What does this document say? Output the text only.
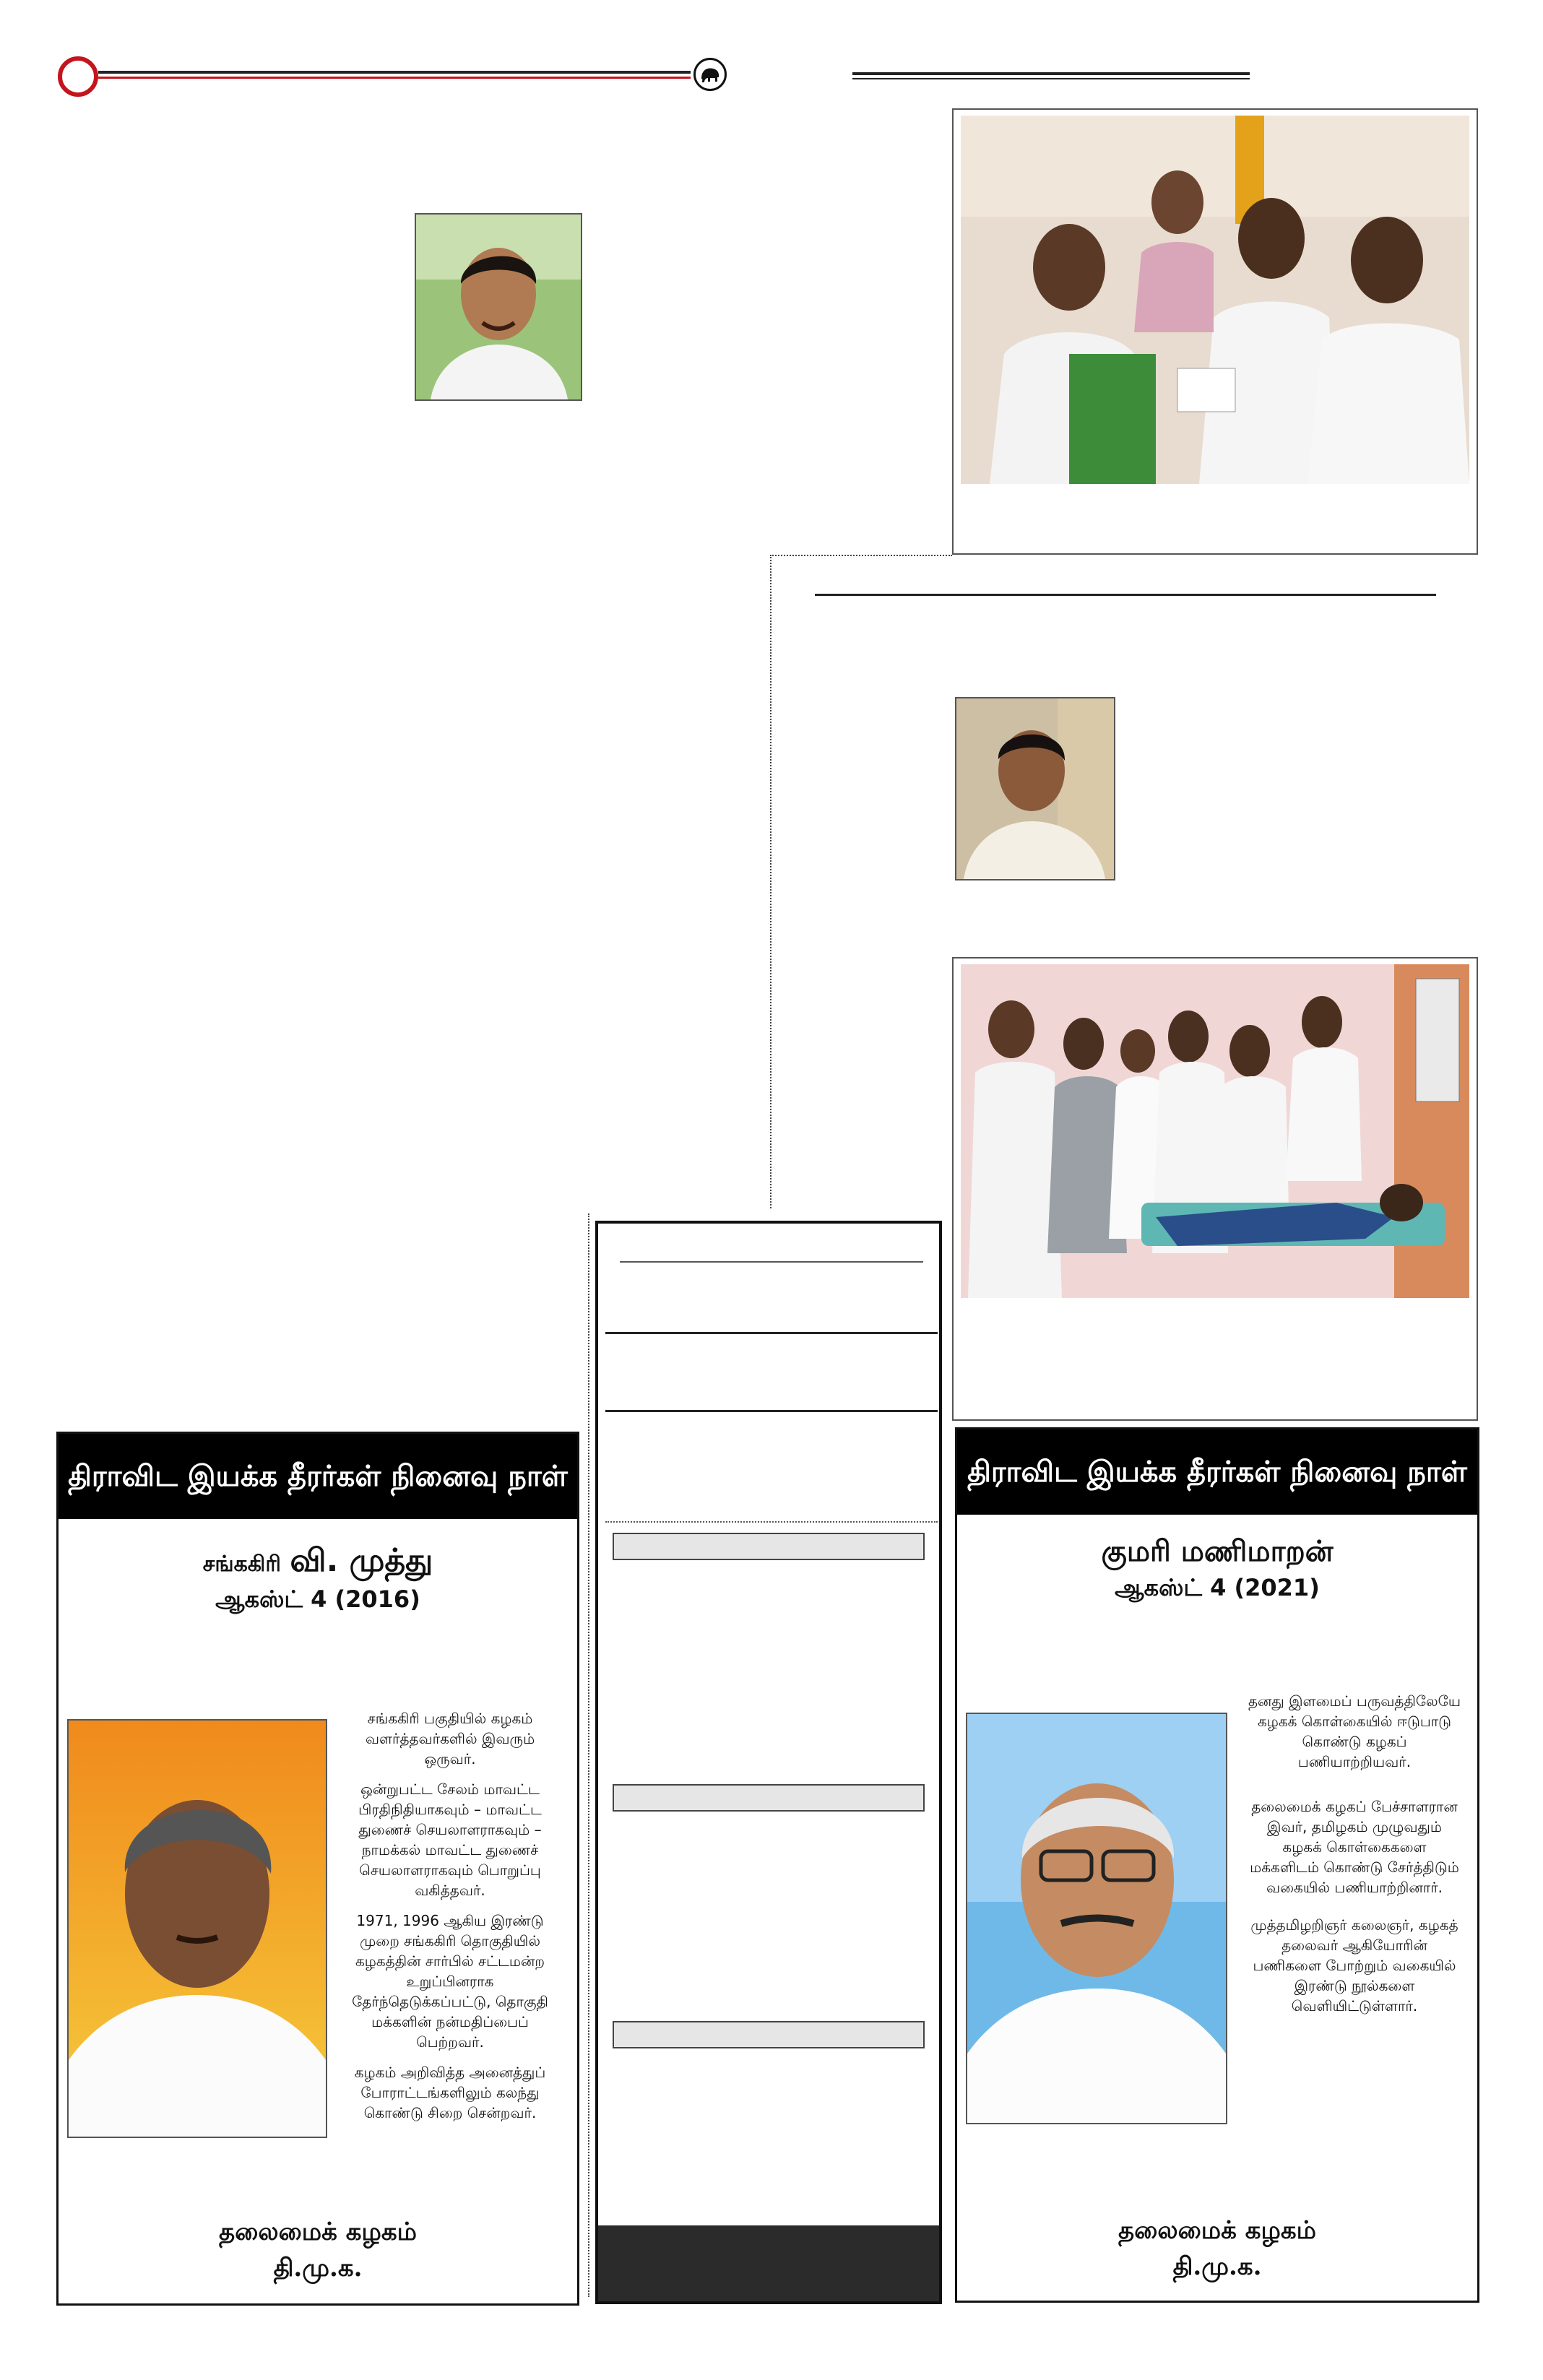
திராவிட இயக்க தீரர்கள் நினைவு நாள்
சங்ககிரி வி. முத்து
ஆகஸ்ட் 4 (2016)

சங்ககிரி பகுதியில் கழகம் வளர்த்தவர்களில் இவரும் ஒருவர்.

ஒன்றுபட்ட சேலம் மாவட்ட பிரதிநிதியாகவும் – மாவட்ட துணைச் செயலாளராகவும் – நாமக்கல் மாவட்ட துணைச் செயலாளராகவும் பொறுப்பு வகித்தவர்.

1971, 1996 ஆகிய இரண்டு முறை சங்ககிரி தொகுதியில் கழகத்தின் சார்பில் சட்டமன்ற உறுப்பினராக தேர்ந்தெடுக்கப்பட்டு, தொகுதி மக்களின் நன்மதிப்பைப் பெற்றவர்.

கழகம் அறிவித்த அனைத்துப் போராட்டங்களிலும் கலந்து கொண்டு சிறை சென்றவர்.

தலைமைக் கழகம்
தி.மு.க.
திராவிட இயக்க தீரர்கள் நினைவு நாள்
குமரி மணிமாறன்
ஆகஸ்ட் 4 (2021)

தனது இளமைப் பருவத்திலேயே கழகக் கொள்கையில் ஈடுபாடு கொண்டு கழகப் பணியாற்றியவர்.

தலைமைக் கழகப் பேச்சாளரான இவர், தமிழகம் முழுவதும் கழகக் கொள்கைகளை மக்களிடம் கொண்டு சேர்த்திடும் வகையில் பணியாற்றினார்.

முத்தமிழறிஞர் கலைஞர், கழகத் தலைவர் ஆகியோரின் பணிகளை போற்றும் வகையில் இரண்டு நூல்களை வெளியிட்டுள்ளார்.

தலைமைக் கழகம்
தி.மு.க.
